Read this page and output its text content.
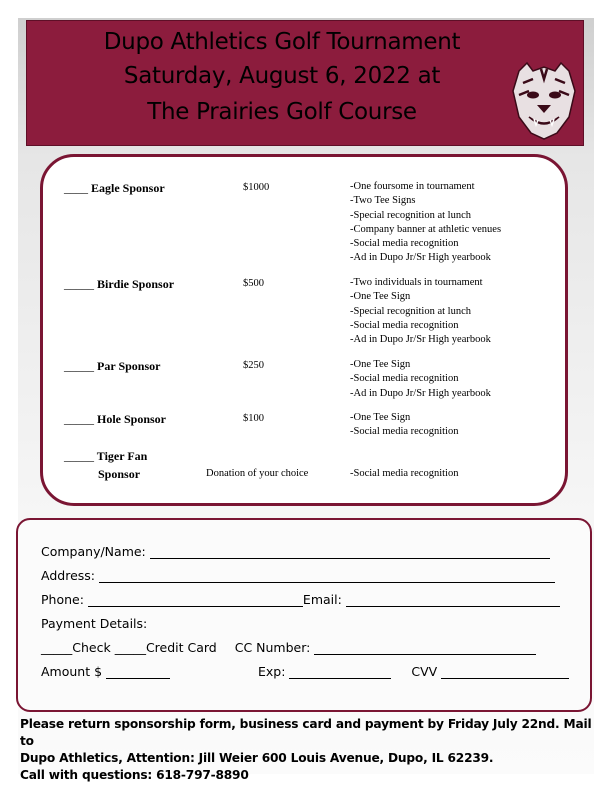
Dupo Athletics Golf Tournament
Saturday, August 6, 2022 at
The Prairies Golf Course
____ Eagle Sponsor	$1000	-One foursome in tournament
-Two Tee Signs
-Special recognition at lunch
-Company banner at athletic venues
-Social media recognition
-Ad in Dupo Jr/Sr High yearbook
_____ Birdie Sponsor	$500	-Two individuals in tournament
-One Tee Sign
-Special recognition at lunch
-Social media recognition
-Ad in Dupo Jr/Sr High yearbook
_____ Par Sponsor	$250	-One Tee Sign
-Social media recognition
-Ad in Dupo Jr/Sr High yearbook
_____ Hole Sponsor	$100	-One Tee Sign
-Social media recognition
_____ Tiger Fan
Sponsor	Donation of your choice	-Social media recognition
Company/Name:
Address:
Phone:	Email:
Payment Details:
_____Check _____Credit Card CC Number:
Amount $	Exp:	CVV
Please return sponsorship form, business card and payment by Friday July 22nd. Mail to
Dupo Athletics, Attention: Jill Weier 600 Louis Avenue, Dupo, IL 62239.
Call with questions: 618-797-8890
